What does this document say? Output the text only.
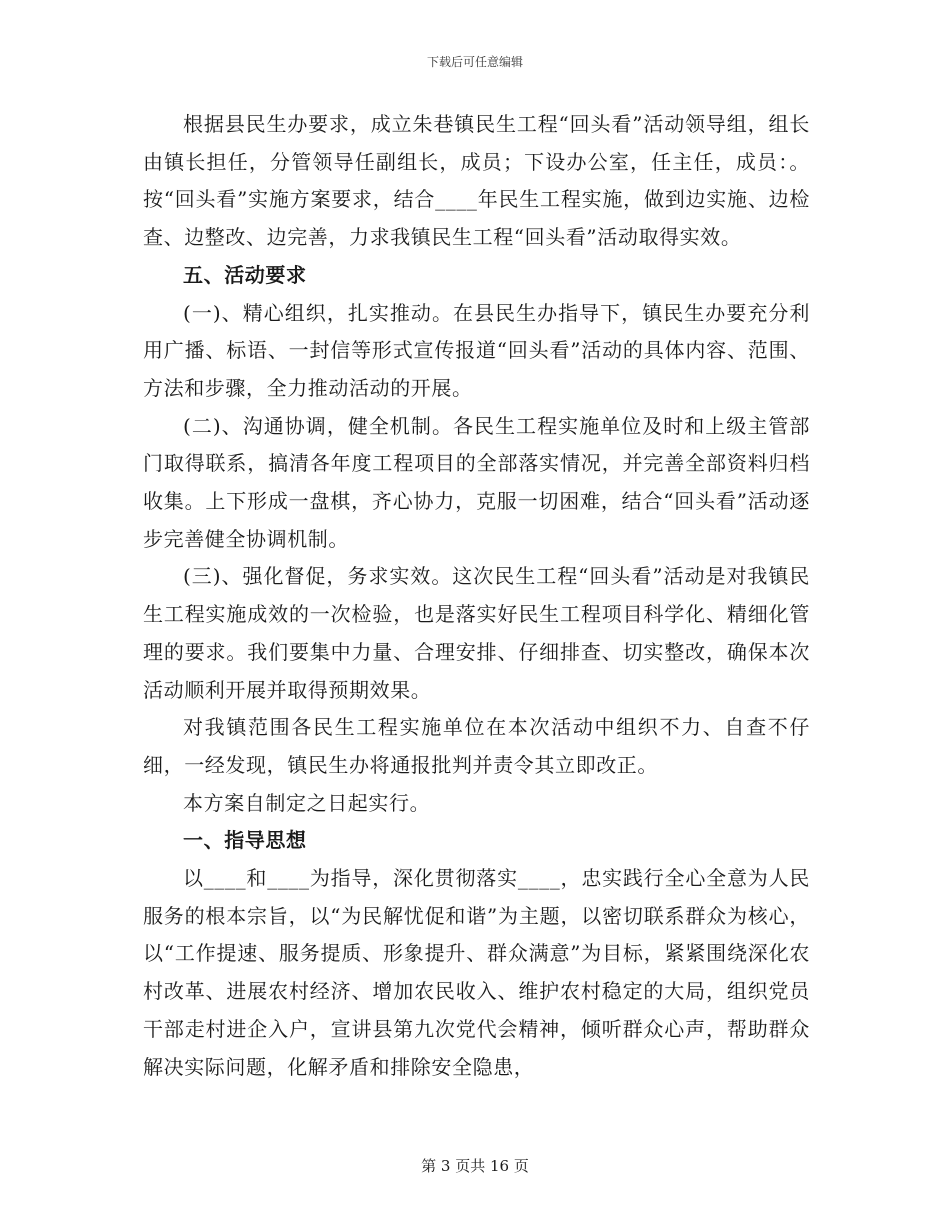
下载后可任意编辑

根据县民生办要求，成立朱巷镇民生工程“回头看”活动领导组，组长由镇长担任，分管领导任副组长，成员；下设办公室，任主任，成员：。按“回头看”实施方案要求，结合____年民生工程实施，做到边实施、边检查、边整改、边完善，力求我镇民生工程“回头看”活动取得实效。

五、活动要求

(一)、精心组织，扎实推动。在县民生办指导下，镇民生办要充分利用广播、标语、一封信等形式宣传报道“回头看”活动的具体内容、范围、方法和步骤，全力推动活动的开展。

(二)、沟通协调，健全机制。各民生工程实施单位及时和上级主管部门取得联系，搞清各年度工程项目的全部落实情况，并完善全部资料归档收集。上下形成一盘棋，齐心协力，克服一切困难，结合“回头看”活动逐步完善健全协调机制。

(三)、强化督促，务求实效。这次民生工程“回头看”活动是对我镇民生工程实施成效的一次检验，也是落实好民生工程项目科学化、精细化管理的要求。我们要集中力量、合理安排、仔细排查、切实整改，确保本次活动顺利开展并取得预期效果。

对我镇范围各民生工程实施单位在本次活动中组织不力、自查不仔细，一经发现，镇民生办将通报批判并责令其立即改正。

本方案自制定之日起实行。

一、指导思想

以____和____为指导，深化贯彻落实____，忠实践行全心全意为人民服务的根本宗旨，以“为民解忧促和谐”为主题，以密切联系群众为核心，以“工作提速、服务提质、形象提升、群众满意”为目标，紧紧围绕深化农村改革、进展农村经济、增加农民收入、维护农村稳定的大局，组织党员干部走村进企入户，宣讲县第九次党代会精神，倾听群众心声，帮助群众解决实际问题，化解矛盾和排除安全隐患，

第 3 页共 16 页
